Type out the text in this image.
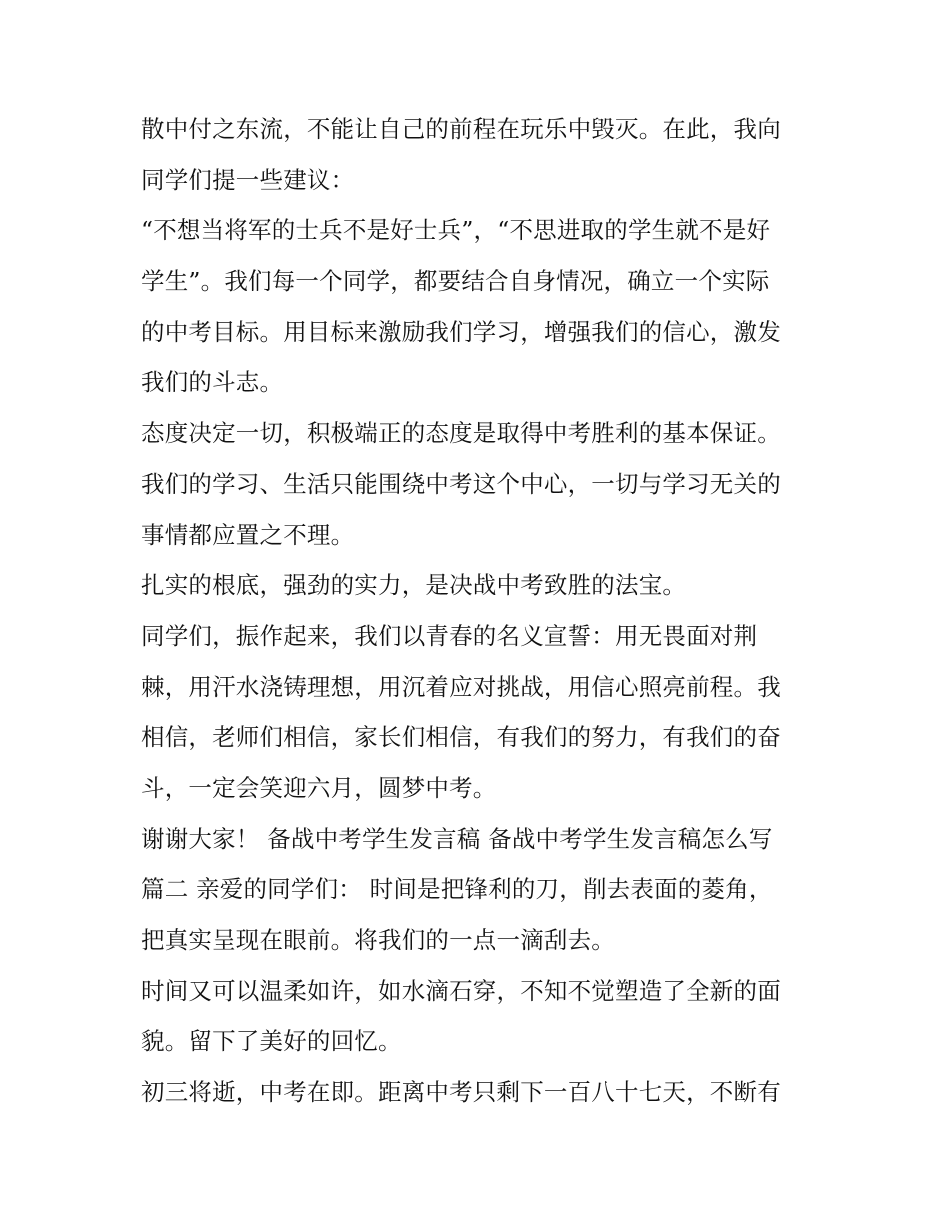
散中付之东流，不能让自己的前程在玩乐中毁灭。在此，我向
同学们提一些建议：
“不想当将军的士兵不是好士兵”，“不思进取的学生就不是好
学生”。我们每一个同学，都要结合自身情况，确立一个实际
的中考目标。用目标来激励我们学习，增强我们的信心，激发
我们的斗志。
态度决定一切，积极端正的态度是取得中考胜利的基本保证。
我们的学习、生活只能围绕中考这个中心，一切与学习无关的
事情都应置之不理。
扎实的根底，强劲的实力，是决战中考致胜的法宝。
同学们，振作起来，我们以青春的名义宣誓：用无畏面对荆
棘，用汗水浇铸理想，用沉着应对挑战，用信心照亮前程。我
相信，老师们相信，家长们相信，有我们的努力，有我们的奋
斗，一定会笑迎六月，圆梦中考。
谢谢大家！ 备战中考学生发言稿 备战中考学生发言稿怎么写
篇二 亲爱的同学们： 时间是把锋利的刀，削去表面的菱角，
把真实呈现在眼前。将我们的一点一滴刮去。
时间又可以温柔如许，如水滴石穿，不知不觉塑造了全新的面
貌。留下了美好的回忆。
初三将逝，中考在即。距离中考只剩下一百八十七天，不断有
